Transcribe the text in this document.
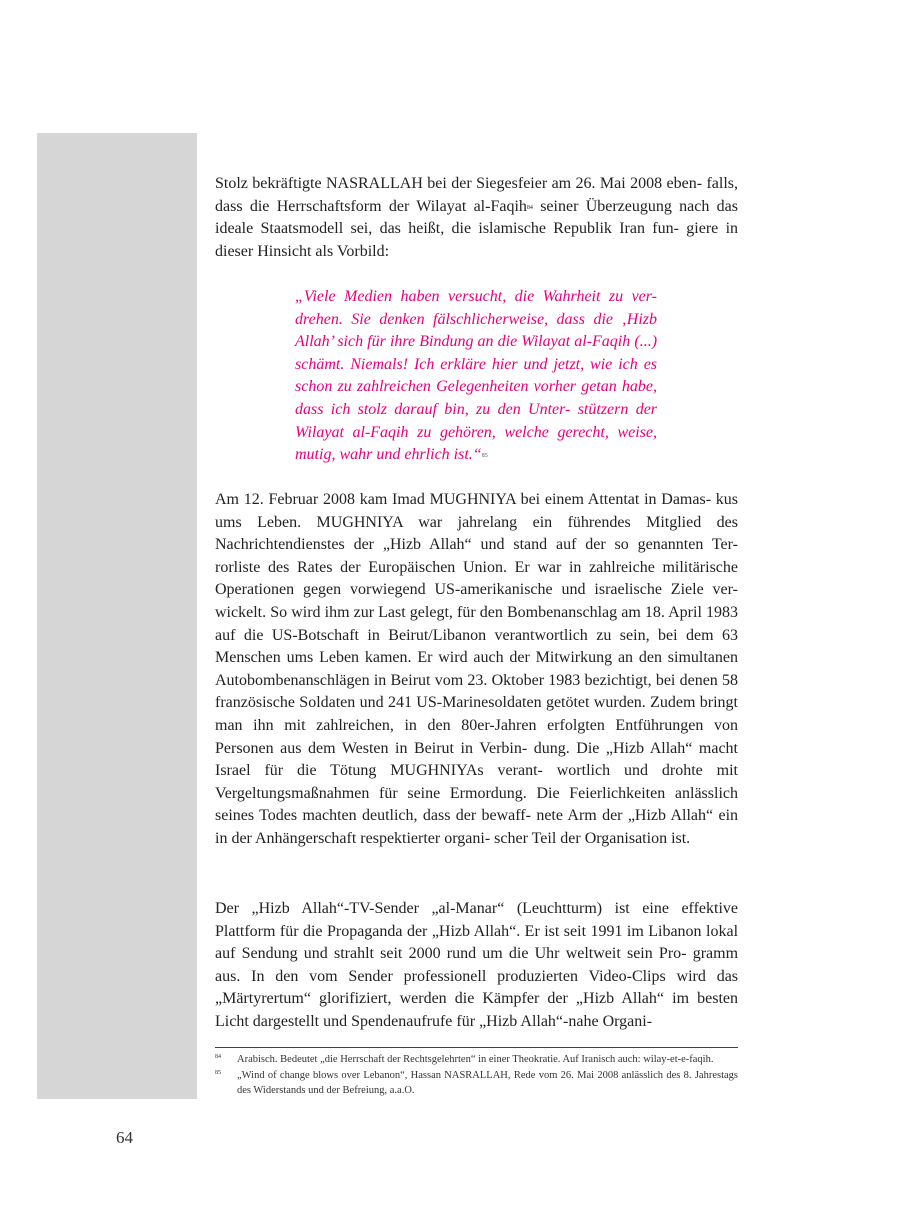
Stolz bekräftigte NASRALLAH bei der Siegesfeier am 26. Mai 2008 eben- falls, dass die Herrschaftsform der Wilayat al-Faqih$^{84}$ seiner Überzeugung nach das ideale Staatsmodell sei, das heißt, die islamische Republik Iran fun- giere in dieser Hinsicht als Vorbild:

„Viele Medien haben versucht, die Wahrheit zu ver- drehen. Sie denken fälschlicherweise, dass die ‚Hizb Allah’ sich für ihre Bindung an die Wilayat al-Faqih (...) schämt. Niemals! Ich erkläre hier und jetzt, wie ich es schon zu zahlreichen Gelegenheiten vorher getan habe, dass ich stolz darauf bin, zu den Unter- stützern der Wilayat al-Faqih zu gehören, welche gerecht, weise, mutig, wahr und ehrlich ist.“$^{85}$

Am 12. Februar 2008 kam Imad MUGHNIYA bei einem Attentat in Damas- kus ums Leben. MUGHNIYA war jahrelang ein führendes Mitglied des Nachrichtendienstes der „Hizb Allah“ und stand auf der so genannten Ter- rorliste des Rates der Europäischen Union. Er war in zahlreiche militärische Operationen gegen vorwiegend US-amerikanische und israelische Ziele ver- wickelt. So wird ihm zur Last gelegt, für den Bombenanschlag am 18. April 1983 auf die US-Botschaft in Beirut/Libanon verantwortlich zu sein, bei dem 63 Menschen ums Leben kamen. Er wird auch der Mitwirkung an den simultanen Autobombenanschlägen in Beirut vom 23. Oktober 1983 bezichtigt, bei denen 58 französische Soldaten und 241 US-Marinesoldaten getötet wurden. Zudem bringt man ihn mit zahlreichen, in den 80er-Jahren erfolgten Entführungen von Personen aus dem Westen in Beirut in Verbin- dung. Die „Hizb Allah“ macht Israel für die Tötung MUGHNIYAs verant- wortlich und drohte mit Vergeltungsmaßnahmen für seine Ermordung. Die Feierlichkeiten anlässlich seines Todes machten deutlich, dass der bewaff- nete Arm der „Hizb Allah“ ein in der Anhängerschaft respektierter organi- scher Teil der Organisation ist.

Der „Hizb Allah“-TV-Sender „al-Manar“ (Leuchtturm) ist eine effektive Plattform für die Propaganda der „Hizb Allah“. Er ist seit 1991 im Libanon lokal auf Sendung und strahlt seit 2000 rund um die Uhr weltweit sein Pro- gramm aus. In den vom Sender professionell produzierten Video-Clips wird das „Märtyrertum“ glorifiziert, werden die Kämpfer der „Hizb Allah“ im besten Licht dargestellt und Spendenaufrufe für „Hizb Allah“-nahe Organi-

84 Arabisch. Bedeutet „die Herrschaft der Rechtsgelehrten“ in einer Theokratie. Auf Iranisch auch: wilay-et-e-faqih.
85 „Wind of change blows over Lebanon“, Hassan NASRALLAH, Rede vom 26. Mai 2008 anlässlich des 8. Jahrestags des Widerstands und der Befreiung, a.a.O.
64
